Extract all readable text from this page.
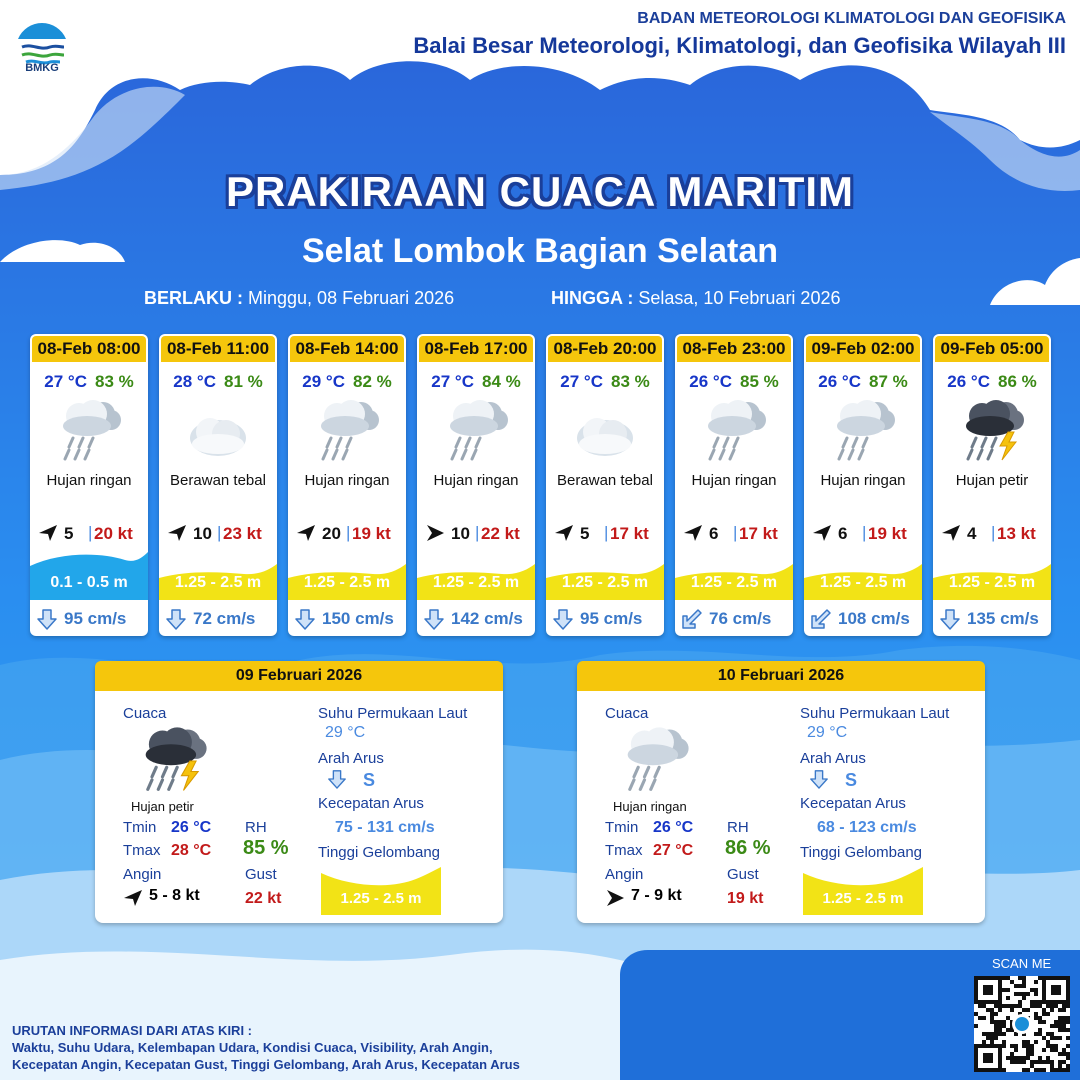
BMKG
BADAN METEOROLOGI KLIMATOLOGI DAN GEOFISIKA
Balai Besar Meteorologi, Klimatologi, dan Geofisika Wilayah III
PRAKIRAAN CUACA MARITIM
Selat Lombok Bagian Selatan
BERLAKU : Minggu, 08 Februari 2026	HINGGA : Selasa, 10 Februari 2026
08-Feb 08:00
27 °C 83 %
Hujan ringan
5 | 20 kt
0.1 - 0.5 m
95 cm/s
08-Feb 11:00
28 °C 81 %
Berawan tebal
10 | 23 kt
1.25 - 2.5 m
72 cm/s
08-Feb 14:00
29 °C 82 %
Hujan ringan
20 | 19 kt
1.25 - 2.5 m
150 cm/s
08-Feb 17:00
27 °C 84 %
Hujan ringan
10 | 22 kt
1.25 - 2.5 m
142 cm/s
08-Feb 20:00
27 °C 83 %
Berawan tebal
5 | 17 kt
1.25 - 2.5 m
95 cm/s
08-Feb 23:00
26 °C 85 %
Hujan ringan
6 | 17 kt
1.25 - 2.5 m
76 cm/s
09-Feb 02:00
26 °C 87 %
Hujan ringan
6 | 19 kt
1.25 - 2.5 m
108 cm/s
09-Feb 05:00
26 °C 86 %
Hujan petir
4 | 13 kt
1.25 - 2.5 m
135 cm/s
09 Februari 2026
Cuaca
Hujan petir
Tmin 26 °C
Tmax 28 °C
RH
85 %
Angin
5 - 8 kt
Gust
22 kt
Suhu Permukaan Laut
29 °C
Arah Arus
S
Kecepatan Arus
75 - 131 cm/s
Tinggi Gelombang
1.25 - 2.5 m
10 Februari 2026
Cuaca
Hujan ringan
Tmin 26 °C
Tmax 27 °C
RH
86 %
Angin
7 - 9 kt
Gust
19 kt
Suhu Permukaan Laut
29 °C
Arah Arus
S
Kecepatan Arus
68 - 123 cm/s
Tinggi Gelombang
1.25 - 2.5 m
URUTAN INFORMASI DARI ATAS KIRI :
Waktu, Suhu Udara, Kelembapan Udara, Kondisi Cuaca, Visibility, Arah Angin,
Kecepatan Angin, Kecepatan Gust, Tinggi Gelombang, Arah Arus, Kecepatan Arus
SCAN ME
